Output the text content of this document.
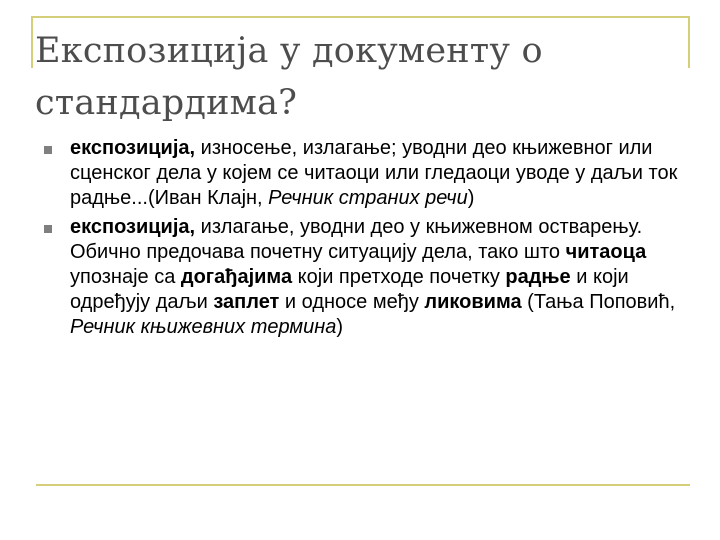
Експозиција у документу о стандардима?
експозиција, износење, излагање; уводни део књижевног или сценског дела у којем се читаоци или гледаоци уводе у даљи ток радње...(Иван Клајн, Речник страних речи)
експозиција, излагање, уводни део у књижевном остварењу. Обично предочава почетну ситуацију дела, тако што читаоца упознаје са догађајима који претходе почетку радње и који одређују даљи заплет и односе међу ликовима (Тања Поповић, Речник књижевних термина)
